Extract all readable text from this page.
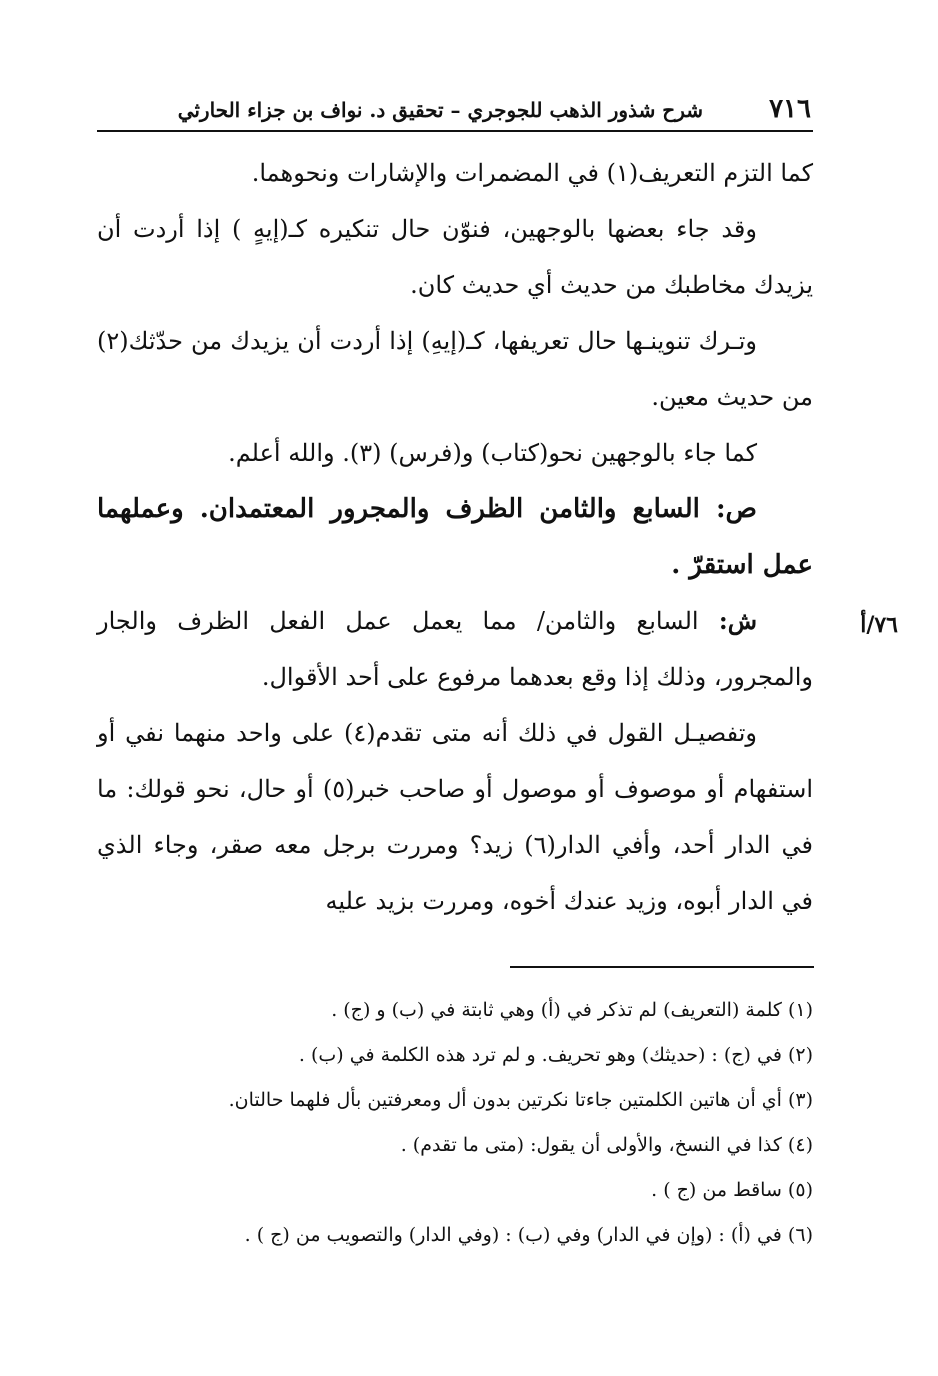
٧١٦
شرح شذور الذهب للجوجري – تحقيق د. نواف بن جزاء الحارثي

كما التزم التعريف(١) في المضمرات والإشارات ونحوهما.

وقد جاء بعضها بالوجهين، فنوّن حال تنكيره كـ(إيهٍ ) إذا أردت أن يزيدك مخاطبك من حديث أي حديث كان.

وتـرك تنوينـها حال تعريفها، كـ(إيهِ) إذا أردت أن يزيدك من حدّثك(٢) من حديث معين.

كما جاء بالوجهين نحو(كتاب) و(فرس) (٣). والله أعلم.

ص: السابع والثامن الظرف والمجرور المعتمدان. وعملهما عمل استقرّ .

ش: السابع والثامن/ مما يعمل عمل الفعل الظرف والجار والمجرور، وذلك إذا وقع بعدهما مرفوع على أحد الأقوال.

وتفصيـل القول في ذلك أنه متى تقدم(٤) على واحد منهما نفي أو استفهام أو موصوف أو موصول أو صاحب خبر(٥) أو حال، نحو قولك: ما في الدار أحد، وأفي الدار(٦) زيد؟ ومررت برجل معه صقر، وجاء الذي في الدار أبوه، وزيد عندك أخوه، ومررت بزيد عليه

٧٦/أ

(١) كلمة (التعريف) لم تذكر في (أ) وهي ثابتة في (ب) و (ج) .

(٢) في (ج) : (حديثك) وهو تحريف. و لم ترد هذه الكلمة في (ب) .

(٣) أي أن هاتين الكلمتين جاءتا نكرتين بدون أل ومعرفتين بأل فلهما حالتان.

(٤) كذا في النسخ، والأولى أن يقول: (متى ما تقدم) .

(٥) ساقط من (ج ) .

(٦) في (أ) : (وإن في الدار) وفي (ب) : (وفي الدار) والتصويب من (ج ) .
